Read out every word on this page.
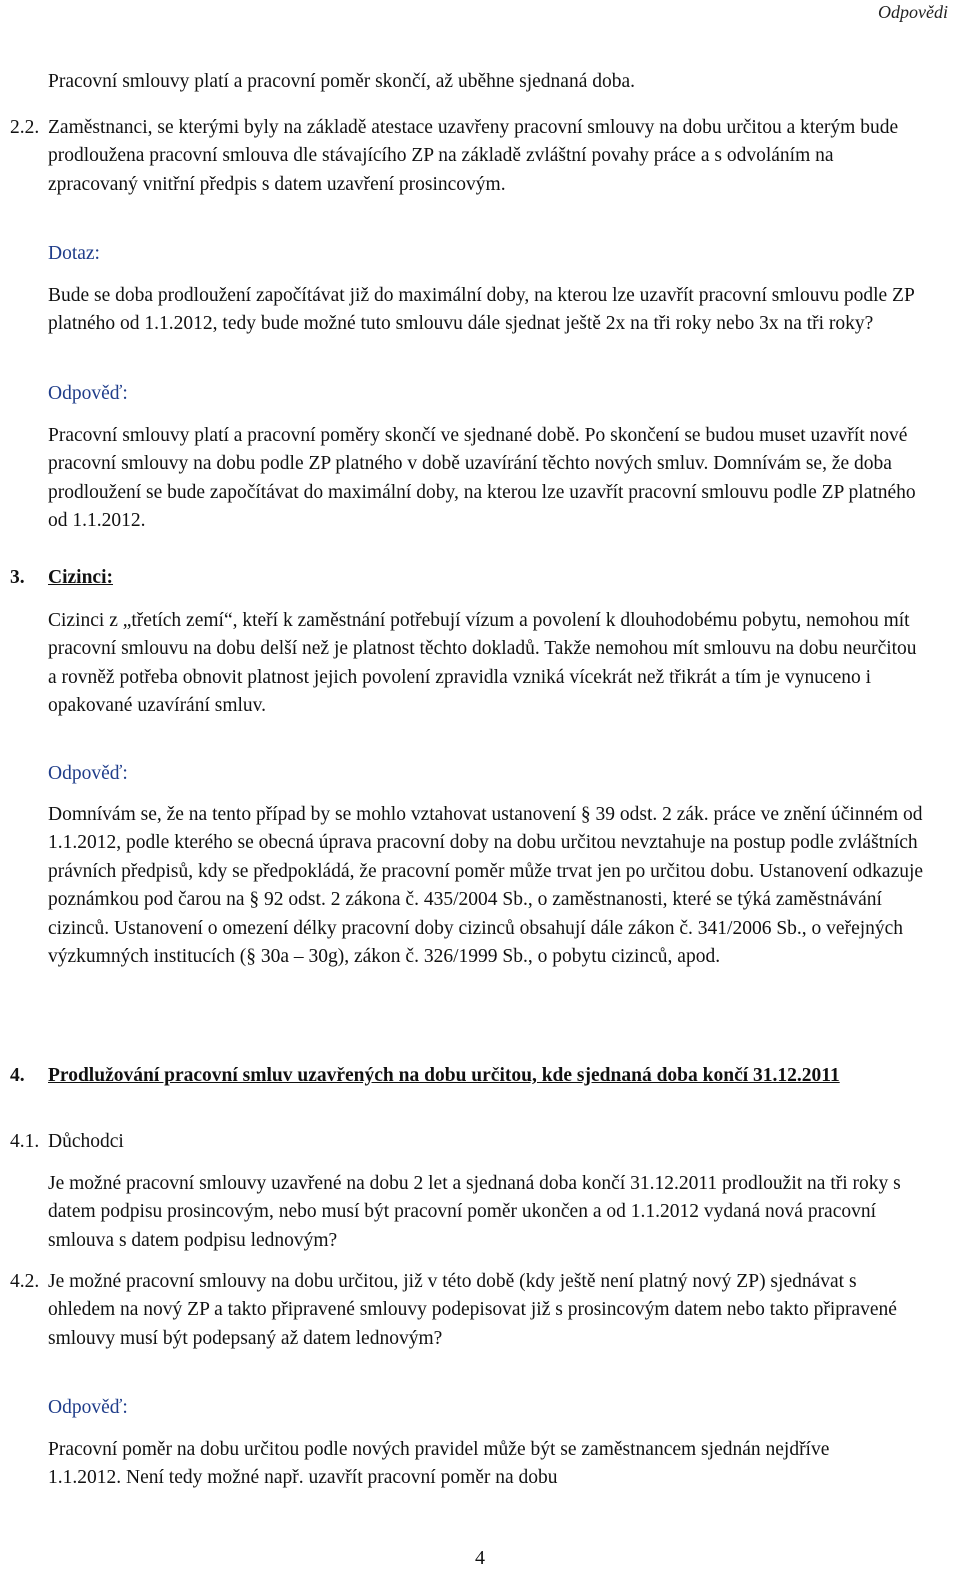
Odpovědi
Pracovní smlouvy platí a pracovní poměr skončí, až uběhne sjednaná doba.
2.2. Zaměstnanci, se kterými byly na základě atestace uzavřeny pracovní smlouvy na dobu určitou a kterým bude prodloužena pracovní smlouva dle stávajícího ZP na základě zvláštní povahy práce a s odvoláním na zpracovaný vnitřní předpis s datem uzavření prosincovým.
Dotaz:
Bude se doba prodloužení započítávat již do maximální doby, na kterou lze uzavřít pracovní smlouvu podle ZP platného od 1.1.2012, tedy bude možné tuto smlouvu dále sjednat ještě 2x na tři roky nebo 3x na tři roky?
Odpověď:
Pracovní smlouvy platí a pracovní poměry skončí ve sjednané době. Po skončení se budou muset uzavřít nové pracovní smlouvy na dobu podle ZP platného v době uzavírání těchto nových smluv. Domnívám se, že doba prodloužení se bude započítávat do maximální doby, na kterou lze uzavřít pracovní smlouvu podle ZP platného od 1.1.2012.
3. Cizinci:
Cizinci z „třetích zemí“, kteří k zaměstnání potřebují vízum a povolení k dlouhodobému pobytu, nemohou mít pracovní smlouvu na dobu delší než je platnost těchto dokladů. Takže nemohou mít smlouvu na dobu neurčitou a rovněž potřeba obnovit platnost jejich povolení zpravidla vzniká vícekrát než třikrát a tím je vynuceno i opakované uzavírání smluv.
Odpověď:
Domnívám se, že na tento případ by se mohlo vztahovat ustanovení § 39 odst. 2 zák. práce ve znění účinném od 1.1.2012, podle kterého se obecná úprava pracovní doby na dobu určitou nevztahuje na postup podle zvláštních právních předpisů, kdy se předpokládá, že pracovní poměr může trvat jen po určitou dobu. Ustanovení odkazuje poznámkou pod čarou na § 92 odst. 2 zákona č. 435/2004 Sb., o zaměstnanosti, které se týká zaměstnávání cizinců. Ustanovení o omezení délky pracovní doby cizinců obsahují dále zákon č. 341/2006 Sb., o veřejných výzkumných institucích (§ 30a – 30g), zákon č. 326/1999 Sb., o pobytu cizinců, apod.
4. Prodlužování pracovní smluv uzavřených na dobu určitou, kde sjednaná doba končí 31.12.2011
4.1. Důchodci
Je možné pracovní smlouvy uzavřené na dobu 2 let a sjednaná doba končí 31.12.2011 prodloužit na tři roky s datem podpisu prosincovým, nebo musí být pracovní poměr ukončen a od 1.1.2012 vydaná nová pracovní smlouva s datem podpisu lednovým?
4.2. Je možné pracovní smlouvy na dobu určitou, již v této době (kdy ještě není platný nový ZP) sjednávat s ohledem na nový ZP a takto připravené smlouvy podepisovat již s prosincovým datem nebo takto připravené smlouvy musí být podepsaný až datem lednovým?
Odpověď:
Pracovní poměr na dobu určitou podle nových pravidel může být se zaměstnancem sjednán nejdříve 1.1.2012. Není tedy možné např. uzavřít pracovní poměr na dobu
4
